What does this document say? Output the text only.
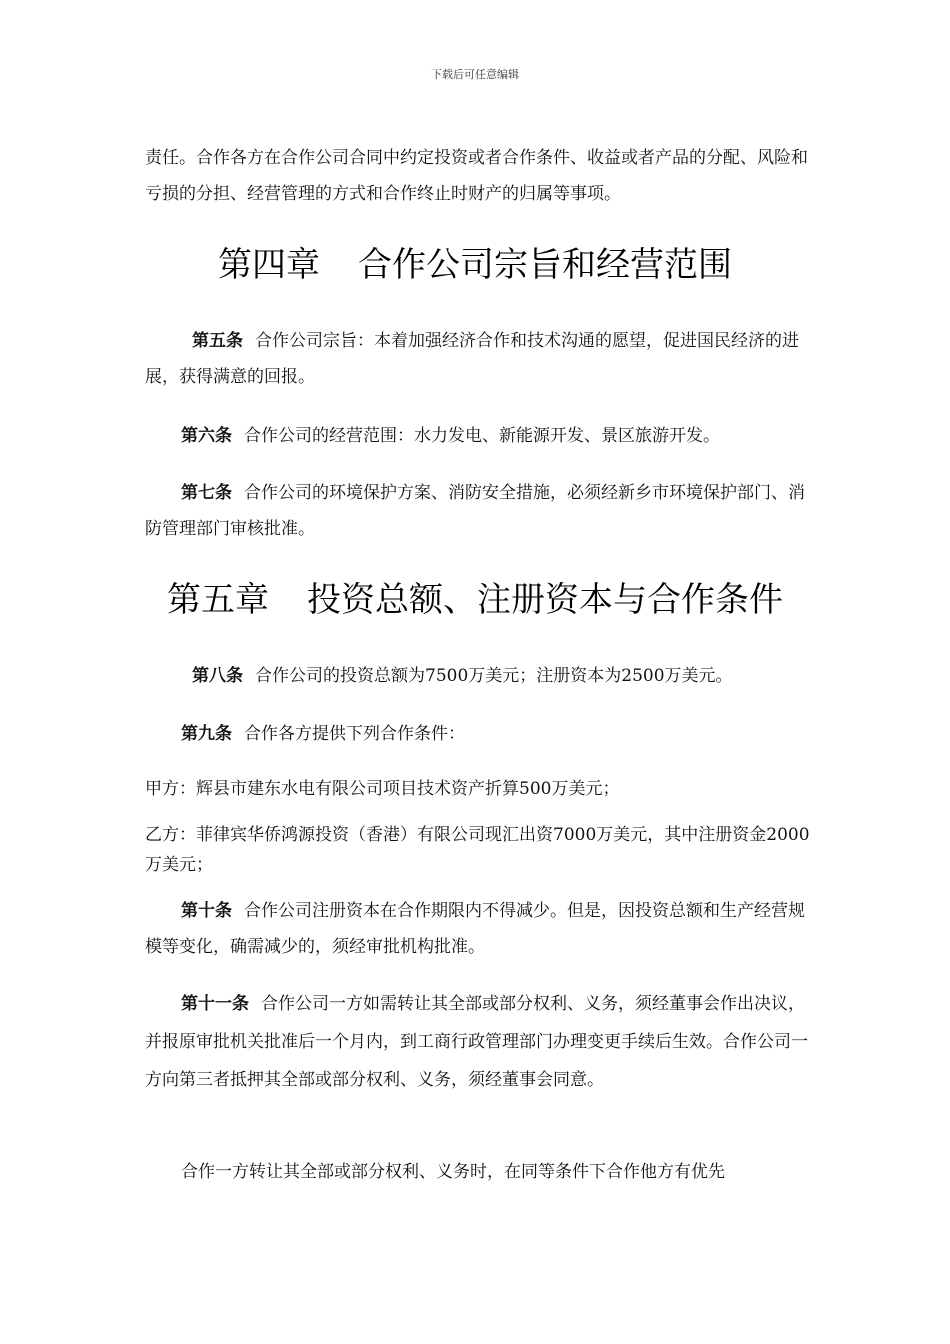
下载后可任意编辑
责任。合作各方在合作公司合同中约定投资或者合作条件、收益或者产品的分配、风险和亏损的分担、经营管理的方式和合作终止时财产的归属等事项。
第四章 合作公司宗旨和经营范围
第五条 合作公司宗旨：本着加强经济合作和技术沟通的愿望，促进国民经济的进展，获得满意的回报。
第六条 合作公司的经营范围：水力发电、新能源开发、景区旅游开发。
第七条 合作公司的环境保护方案、消防安全措施，必须经新乡市环境保护部门、消防管理部门审核批准。
第五章 投资总额、注册资本与合作条件
第八条 合作公司的投资总额为7500万美元；注册资本为2500万美元。
第九条 合作各方提供下列合作条件：
甲方：辉县市建东水电有限公司项目技术资产折算500万美元；
乙方：菲律宾华侨鸿源投资（香港）有限公司现汇出资7000万美元，其中注册资金2000万美元；
第十条 合作公司注册资本在合作期限内不得减少。但是，因投资总额和生产经营规模等变化，确需减少的，须经审批机构批准。
第十一条 合作公司一方如需转让其全部或部分权利、义务，须经董事会作出决议，并报原审批机关批准后一个月内，到工商行政管理部门办理变更手续后生效。合作公司一方向第三者抵押其全部或部分权利、义务，须经董事会同意。
合作一方转让其全部或部分权利、义务时，在同等条件下合作他方有优先
